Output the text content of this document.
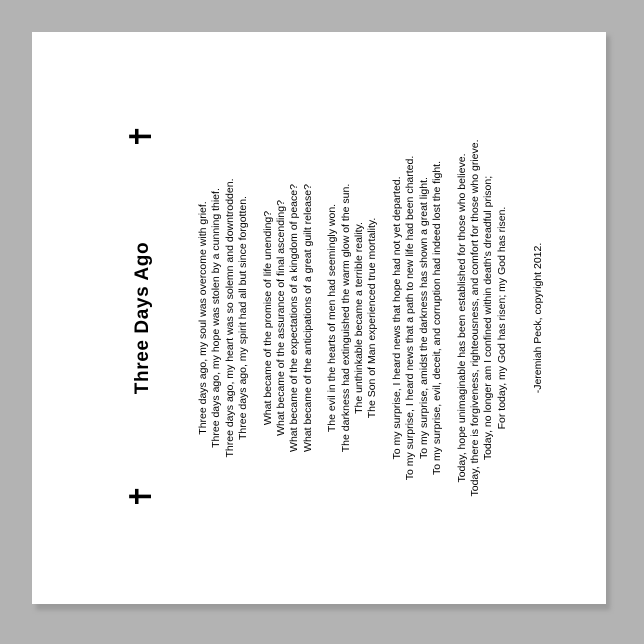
✝
✝
Three Days Ago	Three days ago, my soul was overcome with grief. Three days ago, my hope was stolen by a cunning thief. Three days ago, my heart was so solemn and downtrodden. Three days ago, my spirit had all but since forgotten. What became of the promise of life unending? What became of the assurance of final ascending? What became of the expectations of a kingdom of peace? What became of the anticipations of a great guilt release? The evil in the hearts of men had seemingly won. The darkness had extinguished the warm glow of the sun. The unthinkable became a terrible reality. The Son of Man experienced true mortality. To my surprise, I heard news that hope had not yet departed. To my surprise, I heard news that a path to new life had been charted. To my surprise, amidst the darkness has shown a great light. To my surprise, evil, deceit, and corruption had indeed lost the fight. Today, hope unimaginable has been established for those who believe. Today, there is forgiveness, righteousness, and comfort for those who grieve. Today, no longer am I confined within death's dreadful prison; For today, my God has risen; my God has risen. -Jeremiah Peck, copyright 2012.
